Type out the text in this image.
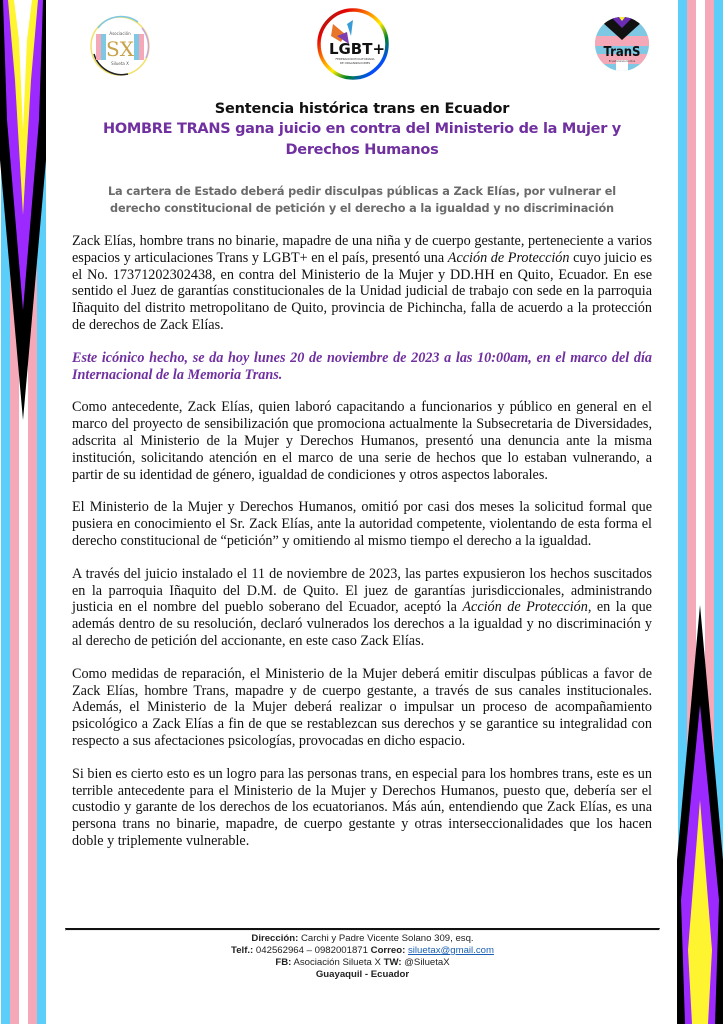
SX
Asociación
Silueta X
LGBT+
FEDERACIÓN ECUATORIANA
DE ORGANIZACIONES
TranS
Ecuatorianos Unidos
Sentencia histórica trans en Ecuador
HOMBRE TRANS gana juicio en contra del Ministerio de la Mujer y Derechos Humanos

La cartera de Estado deberá pedir disculpas públicas a Zack Elías, por vulnerar el derecho constitucional de petición y el derecho a la igualdad y no discriminación

Zack Elías, hombre trans no binarie, mapadre de una niña y de cuerpo gestante, perteneciente a varios espacios y articulaciones Trans y LGBT+ en el país, presentó una Acción de Protección cuyo juicio es el No. 17371202302438, en contra del Ministerio de la Mujer y DD.HH en Quito, Ecuador. En ese sentido el Juez de garantías constitucionales de la Unidad judicial de trabajo con sede en la parroquia Iñaquito del distrito metropolitano de Quito, provincia de Pichincha, falla de acuerdo a la protección de derechos de Zack Elías.

Este icónico hecho, se da hoy lunes 20 de noviembre de 2023 a las 10:00am, en el marco del día Internacional de la Memoria Trans.

Como antecedente, Zack Elías, quien laboró capacitando a funcionarios y público en general en el marco del proyecto de sensibilización que promociona actualmente la Subsecretaria de Diversidades, adscrita al Ministerio de la Mujer y Derechos Humanos, presentó una denuncia ante la misma institución, solicitando atención en el marco de una serie de hechos que lo estaban vulnerando, a partir de su identidad de género, igualdad de condiciones y otros aspectos laborales.

El Ministerio de la Mujer y Derechos Humanos, omitió por casi dos meses la solicitud formal que pusiera en conocimiento el Sr. Zack Elías, ante la autoridad competente, violentando de esta forma el derecho constitucional de “petición” y omitiendo al mismo tiempo el derecho a la igualdad.

A través del juicio instalado el 11 de noviembre de 2023, las partes expusieron los hechos suscitados en la parroquia Iñaquito del D.M. de Quito. El juez de garantías jurisdiccionales, administrando justicia en el nombre del pueblo soberano del Ecuador, aceptó la Acción de Protección, en la que además dentro de su resolución, declaró vulnerados los derechos a la igualdad y no discriminación y al derecho de petición del accionante, en este caso Zack Elías.

Como medidas de reparación, el Ministerio de la Mujer deberá emitir disculpas públicas a favor de Zack Elías, hombre Trans, mapadre y de cuerpo gestante, a través de sus canales institucionales. Además, el Ministerio de la Mujer deberá realizar o impulsar un proceso de acompañamiento psicológico a Zack Elías a fin de que se restablezcan sus derechos y se garantice su integralidad con respecto a sus afectaciones psicologías, provocadas en dicho espacio.

Si bien es cierto esto es un logro para las personas trans, en especial para los hombres trans, este es un terrible antecedente para el Ministerio de la Mujer y Derechos Humanos, puesto que, debería ser el custodio y garante de los derechos de los ecuatorianos. Más aún, entendiendo que Zack Elías, es una persona trans no binarie, mapadre, de cuerpo gestante y otras interseccionalidades que los hacen doble y triplemente vulnerable.

Dirección: Carchi y Padre Vicente Solano 309, esq.
Telf.: 042562964 – 0982001871 Correo: siluetax@gmail.com
FB: Asociación Silueta X TW: @SiluetaX
Guayaquil - Ecuador
